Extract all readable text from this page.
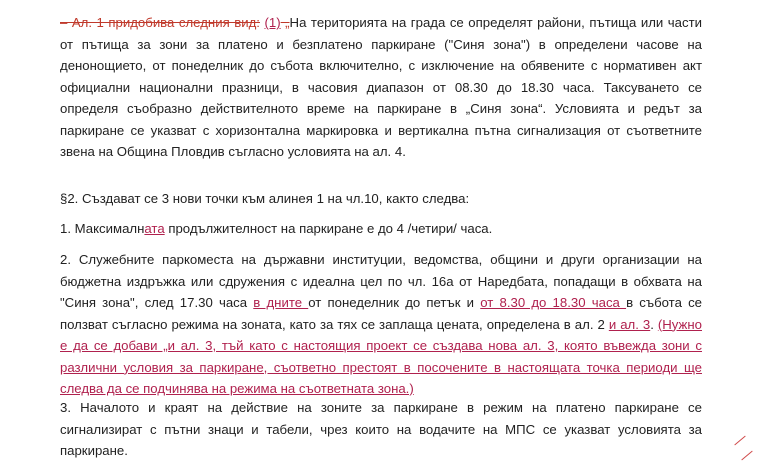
– Ал. 1 придобива следния вид: (1) „На територията на града се определят райони, пътища или части
от пътища за зони за платено и безплатено паркиране ("Синя зона") в определени часове на
денонощието, от понеделник до събота включително, с изключение на обявените с нормативен акт
официални национални празници, в часовия диапазон от 08.30 до 18.30 часа. Таксуването се
определя съобразно действителното време на паркиране в „Синя зона“. Условията и редът за
паркиране се указват с хоризонтална маркировка и вертикална пътна сигнализация от съответните
звена на Община Пловдив съгласно условията на ал. 4.
§2. Създават се 3 нови точки към алинея 1 на чл.10, както следва:
1. Максималната продължителност на паркиране е до 4 /четири/ часа.
2. Служебните паркоместа на държавни институции, ведомства, общини и други организации на
бюджетна издръжка или сдружения с идеална цел по чл. 16а от Наредбата, попадащи в обхвата на
"Синя зона", след 17.30 часа в дните от понеделник до петък и от 8.30 до 18.30 часа в събота се
ползват съгласно режима на зоната, като за тях се заплаща цената, определена в ал. 2 и ал. 3. (Нужно
е да се добави „и ал. 3, тъй като с настоящия проект се създава нова ал. 3, която въвежда зони с
различни условия за паркиране, съответно престоят в посочените в настоящата точка периоди ще
следва да се подчинява на режима на съответната зона.)
3. Началото и краят на действие на зоните за паркиране в режим на платено паркиране се
сигнализират с пътни знаци и табели, чрез които на водачите на МПС се указват условията за
паркиране.
